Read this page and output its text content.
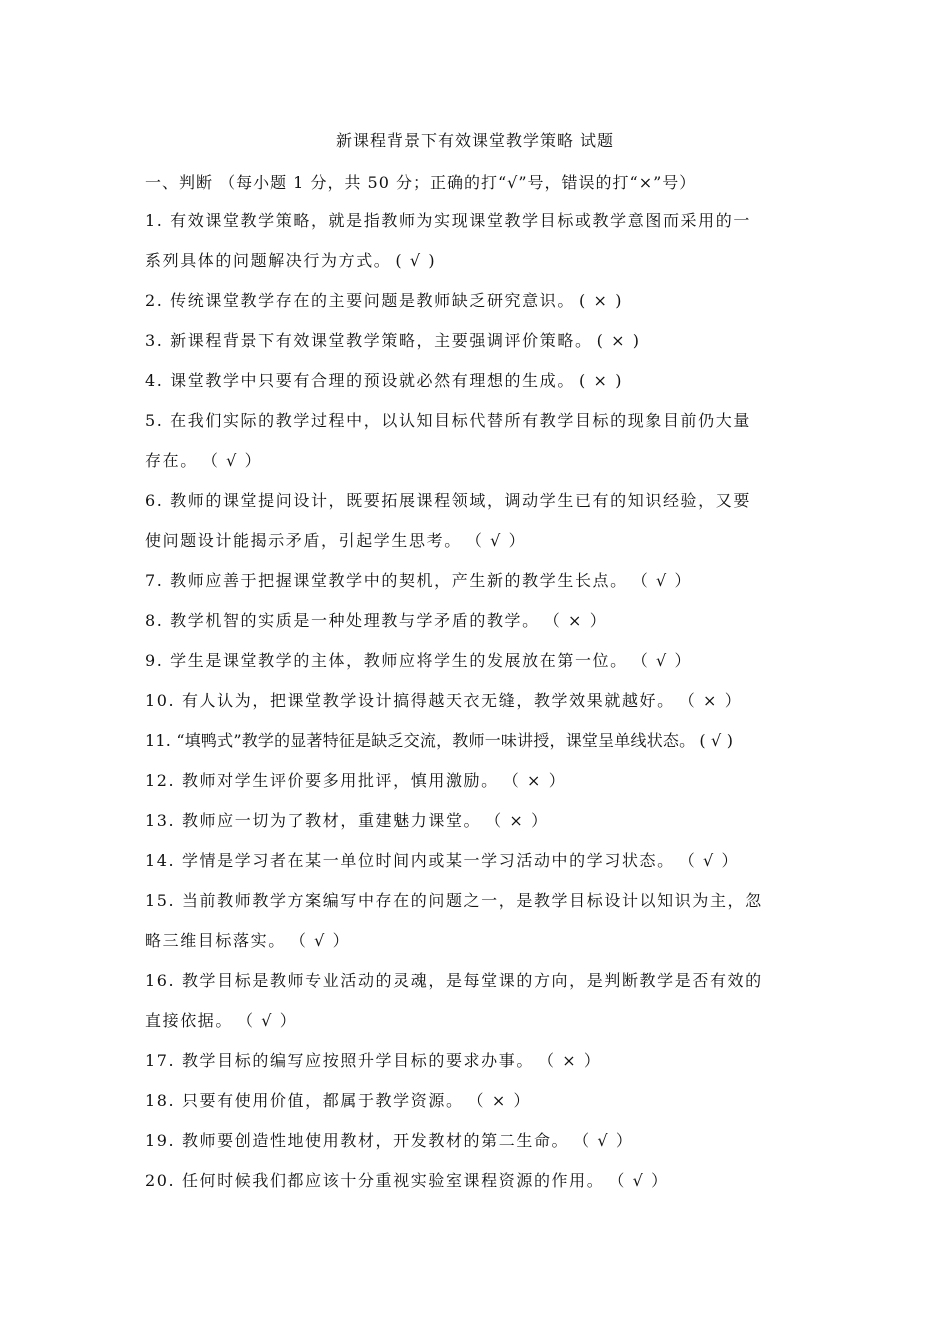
新课程背景下有效课堂教学策略 试题
一、判断 （每小题 1 分，共 50 分；正确的打“√”号，错误的打“×”号）
1. 有效课堂教学策略，就是指教师为实现课堂教学目标或教学意图而采用的一
系列具体的问题解决行为方式。 ( √ )
2. 传统课堂教学存在的主要问题是教师缺乏研究意识。 ( × )
3. 新课程背景下有效课堂教学策略，主要强调评价策略。 ( × )
4. 课堂教学中只要有合理的预设就必然有理想的生成。 ( × )
5. 在我们实际的教学过程中，以认知目标代替所有教学目标的现象目前仍大量
存在。 （ √ ）
6. 教师的课堂提问设计，既要拓展课程领域，调动学生已有的知识经验，又要
使问题设计能揭示矛盾，引起学生思考。 （ √ ）
7. 教师应善于把握课堂教学中的契机，产生新的教学生长点。 （ √ ）
8. 教学机智的实质是一种处理教与学矛盾的教学。 （ × ）
9. 学生是课堂教学的主体，教师应将学生的发展放在第一位。 （ √ ）
10. 有人认为，把课堂教学设计搞得越天衣无缝，教学效果就越好。 （ × ）
11. “填鸭式”教学的显著特征是缺乏交流，教师一味讲授，课堂呈单线状态。 ( √ )
12. 教师对学生评价要多用批评，慎用激励。 （ × ）
13. 教师应一切为了教材，重建魅力课堂。 （ × ）
14. 学情是学习者在某一单位时间内或某一学习活动中的学习状态。 （ √ ）
15. 当前教师教学方案编写中存在的问题之一，是教学目标设计以知识为主，忽
略三维目标落实。 （ √ ）
16. 教学目标是教师专业活动的灵魂，是每堂课的方向，是判断教学是否有效的
直接依据。 （ √ ）
17. 教学目标的编写应按照升学目标的要求办事。 （ × ）
18. 只要有使用价值，都属于教学资源。 （ × ）
19. 教师要创造性地使用教材，开发教材的第二生命。 （ √ ）
20. 任何时候我们都应该十分重视实验室课程资源的作用。 （ √ ）
